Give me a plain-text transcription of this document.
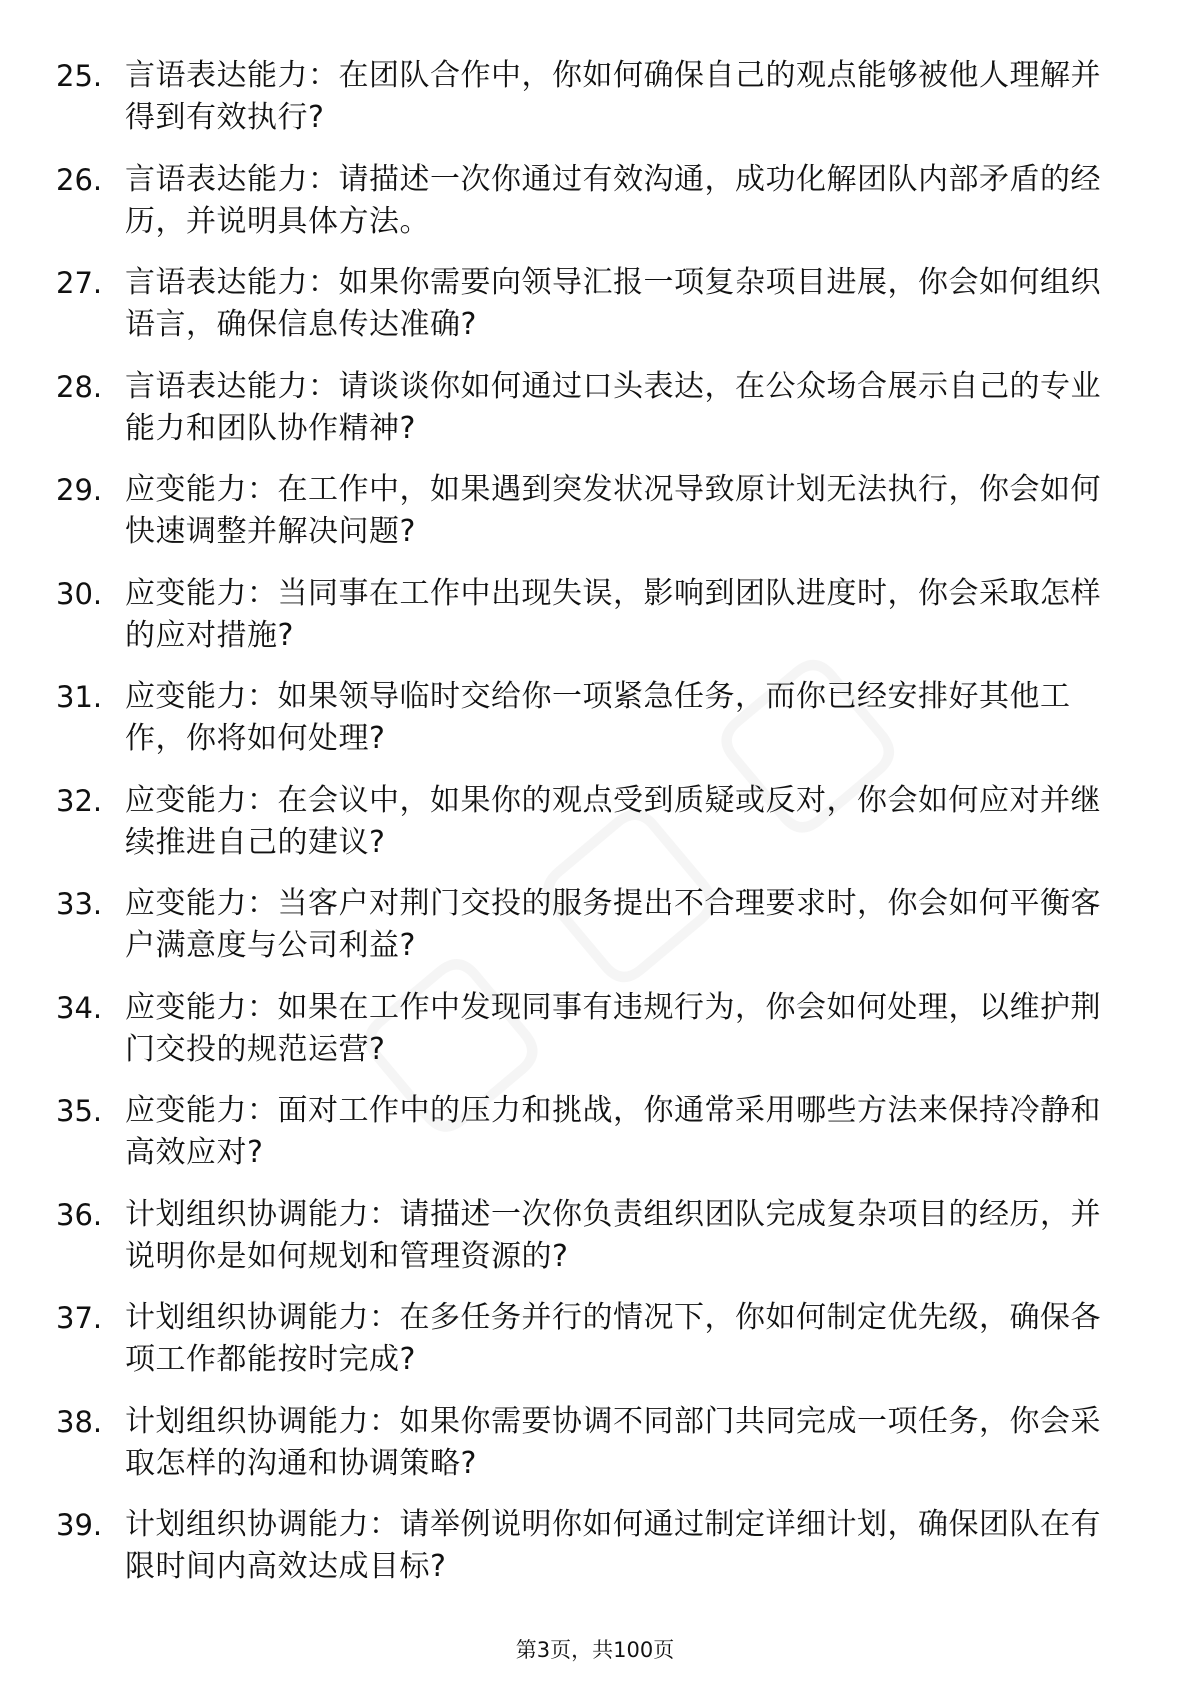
25. 言语表达能力：在团队合作中，你如何确保自己的观点能够被他人理解并得到有效执行?
26. 言语表达能力：请描述一次你通过有效沟通，成功化解团队内部矛盾的经历，并说明具体方法。
27. 言语表达能力：如果你需要向领导汇报一项复杂项目进展，你会如何组织语言，确保信息传达准确?
28. 言语表达能力：请谈谈你如何通过口头表达，在公众场合展示自己的专业能力和团队协作精神?
29. 应变能力：在工作中，如果遇到突发状况导致原计划无法执行，你会如何快速调整并解决问题?
30. 应变能力：当同事在工作中出现失误，影响到团队进度时，你会采取怎样的应对措施?
31. 应变能力：如果领导临时交给你一项紧急任务，而你已经安排好其他工作，你将如何处理?
32. 应变能力：在会议中，如果你的观点受到质疑或反对，你会如何应对并继续推进自己的建议?
33. 应变能力：当客户对荆门交投的服务提出不合理要求时，你会如何平衡客户满意度与公司利益?
34. 应变能力：如果在工作中发现同事有违规行为，你会如何处理，以维护荆门交投的规范运营?
35. 应变能力：面对工作中的压力和挑战，你通常采用哪些方法来保持冷静和高效应对?
36. 计划组织协调能力：请描述一次你负责组织团队完成复杂项目的经历，并说明你是如何规划和管理资源的?
37. 计划组织协调能力：在多任务并行的情况下，你如何制定优先级，确保各项工作都能按时完成?
38. 计划组织协调能力：如果你需要协调不同部门共同完成一项任务，你会采取怎样的沟通和协调策略?
39. 计划组织协调能力：请举例说明你如何通过制定详细计划，确保团队在有限时间内高效达成目标?
第3页，共100页
